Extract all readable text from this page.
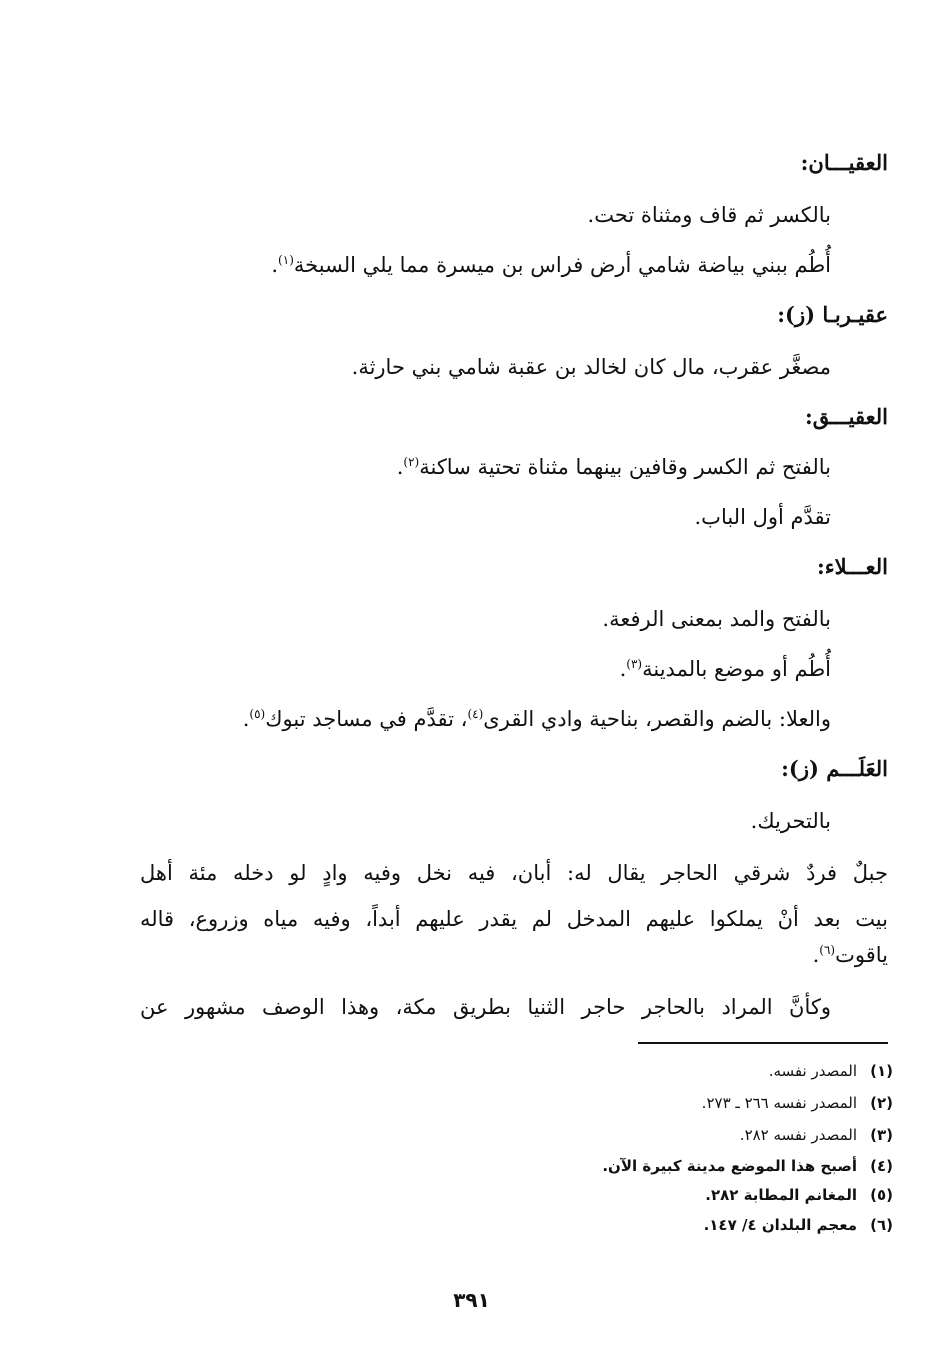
العقيـــان:
بالكسر ثم قاف ومثناة تحت.
أُطُم ببني بياضة شامي أرض فراس بن ميسرة مما يلي السبخة$^{(١)}$.
عقيـربـا (ز):
مصغَّر عقرب، مال كان لخالد بن عقبة شامي بني حارثة.
العقيـــق:
بالفتح ثم الكسر وقافين بينهما مثناة تحتية ساكنة$^{(٢)}$.
تقدَّم أول الباب.
العـــلاء:
بالفتح والمد بمعنى الرفعة.
أُطُم أو موضع بالمدينة$^{(٣)}$.
والعلا: بالضم والقصر، بناحية وادي القرى$^{(٤)}$، تقدَّم في مساجد تبوك$^{(٥)}$.
العَلَـــم (ز):
بالتحريك.
جبلٌ فردٌ شرقي الحاجر يقال له: أبان، فيه نخل وفيه وادٍ لو دخله مئة أهل
بيت بعد أنْ يملكوا عليهم المدخل لم يقدر عليهم أبداً، وفيه مياه وزروع، قاله
ياقوت$^{(٦)}$.
وكأنَّ المراد بالحاجر حاجر الثنيا بطريق مكة، وهذا الوصف مشهور عن
(١)المصدر نفسه.
(٢)المصدر نفسه ٢٦٦ ـ ٢٧٣.
(٣)المصدر نفسه ٢٨٢.
(٤)أصبح هذا الموضع مدينة كبيرة الآن.
(٥)المغانم المطابة ٢٨٢.
(٦)معجم البلدان ٤/ ١٤٧.
٣٩١
